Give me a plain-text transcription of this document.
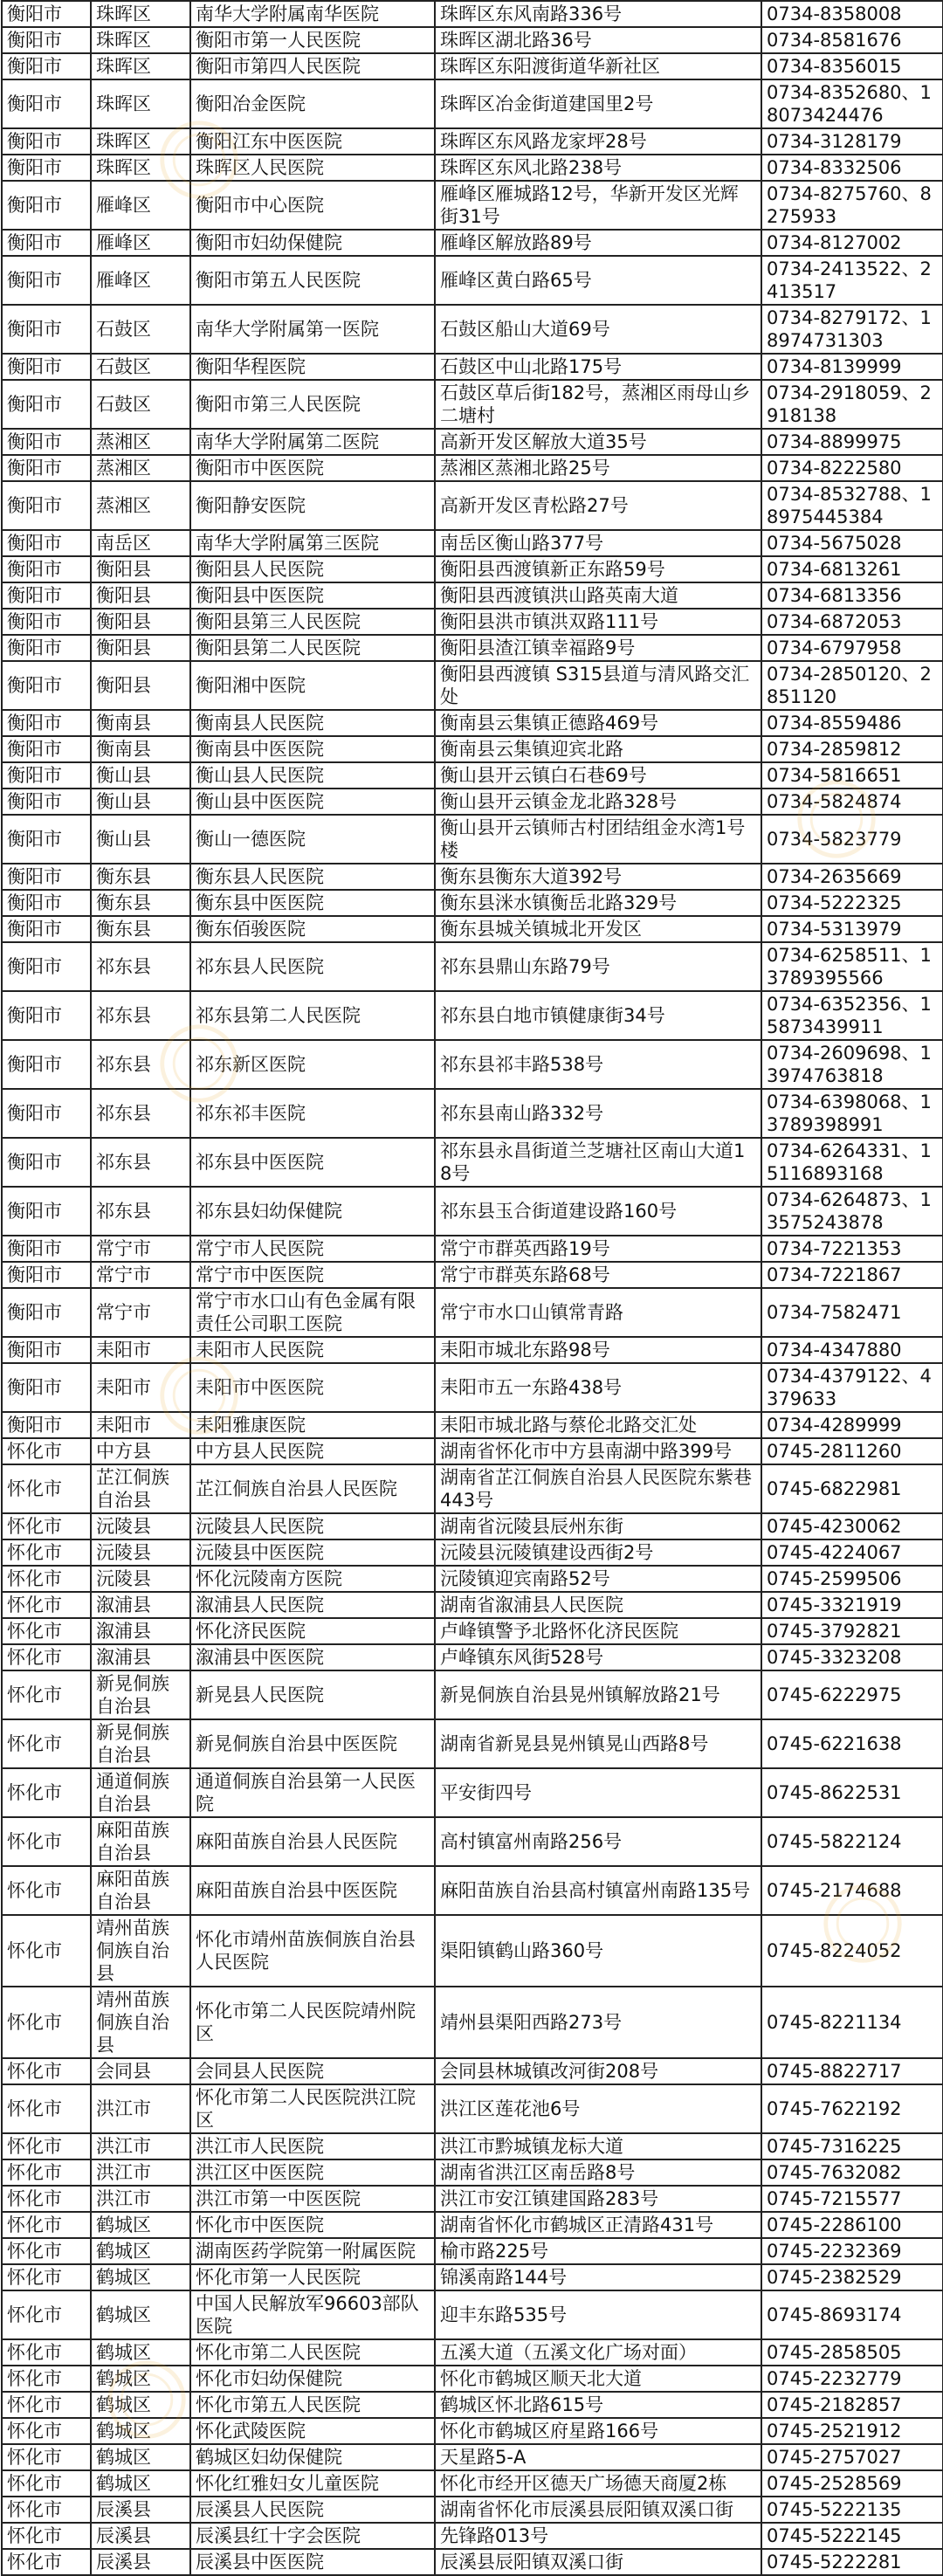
衡阳市	珠晖区	南华大学附属南华医院	珠晖区东风南路336号	0734-8358008
衡阳市	珠晖区	衡阳市第一人民医院	珠晖区湖北路36号	0734-8581676
衡阳市	珠晖区	衡阳市第四人民医院	珠晖区东阳渡街道华新社区	0734-8356015
衡阳市	珠晖区	衡阳冶金医院	珠晖区冶金街道建国里2号	0734-8352680、18073424476
衡阳市	珠晖区	衡阳江东中医医院	珠晖区东风路龙家坪28号	0734-3128179
衡阳市	珠晖区	珠晖区人民医院	珠晖区东风北路238号	0734-8332506
衡阳市	雁峰区	衡阳市中心医院	雁峰区雁城路12号，华新开发区光辉街31号	0734-8275760、8275933
衡阳市	雁峰区	衡阳市妇幼保健院	雁峰区解放路89号	0734-8127002
衡阳市	雁峰区	衡阳市第五人民医院	雁峰区黄白路65号	0734-2413522、2413517
衡阳市	石鼓区	南华大学附属第一医院	石鼓区船山大道69号	0734-8279172、18974731303
衡阳市	石鼓区	衡阳华程医院	石鼓区中山北路175号	0734-8139999
衡阳市	石鼓区	衡阳市第三人民医院	石鼓区草后街182号，蒸湘区雨母山乡二塘村	0734-2918059、2918138
衡阳市	蒸湘区	南华大学附属第二医院	高新开发区解放大道35号	0734-8899975
衡阳市	蒸湘区	衡阳市中医医院	蒸湘区蒸湘北路25号	0734-8222580
衡阳市	蒸湘区	衡阳静安医院	高新开发区青松路27号	0734-8532788、18975445384
衡阳市	南岳区	南华大学附属第三医院	南岳区衡山路377号	0734-5675028
衡阳市	衡阳县	衡阳县人民医院	衡阳县西渡镇新正东路59号	0734-6813261
衡阳市	衡阳县	衡阳县中医医院	衡阳县西渡镇洪山路英南大道	0734-6813356
衡阳市	衡阳县	衡阳县第三人民医院	衡阳县洪市镇洪双路111号	0734-6872053
衡阳市	衡阳县	衡阳县第二人民医院	衡阳县渣江镇幸福路9号	0734-6797958
衡阳市	衡阳县	衡阳湘中医院	衡阳县西渡镇 S315县道与清风路交汇处	0734-2850120、2851120
衡阳市	衡南县	衡南县人民医院	衡南县云集镇正德路469号	0734-8559486
衡阳市	衡南县	衡南县中医医院	衡南县云集镇迎宾北路	0734-2859812
衡阳市	衡山县	衡山县人民医院	衡山县开云镇白石巷69号	0734-5816651
衡阳市	衡山县	衡山县中医医院	衡山县开云镇金龙北路328号	0734-5824874
衡阳市	衡山县	衡山一德医院	衡山县开云镇师古村团结组金水湾1号楼	0734-5823779
衡阳市	衡东县	衡东县人民医院	衡东县衡东大道392号	0734-2635669
衡阳市	衡东县	衡东县中医医院	衡东县洣水镇衡岳北路329号	0734-5222325
衡阳市	衡东县	衡东佰骏医院	衡东县城关镇城北开发区	0734-5313979
衡阳市	祁东县	祁东县人民医院	祁东县鼎山东路79号	0734-6258511、13789395566
衡阳市	祁东县	祁东县第二人民医院	祁东县白地市镇健康街34号	0734-6352356、15873439911
衡阳市	祁东县	祁东新区医院	祁东县祁丰路538号	0734-2609698、13974763818
衡阳市	祁东县	祁东祁丰医院	祁东县南山路332号	0734-6398068、13789398991
衡阳市	祁东县	祁东县中医医院	祁东县永昌街道兰芝塘社区南山大道18号	0734-6264331、15116893168
衡阳市	祁东县	祁东县妇幼保健院	祁东县玉合街道建设路160号	0734-6264873、13575243878
衡阳市	常宁市	常宁市人民医院	常宁市群英西路19号	0734-7221353
衡阳市	常宁市	常宁市中医医院	常宁市群英东路68号	0734-7221867
衡阳市	常宁市	常宁市水口山有色金属有限责任公司职工医院	常宁市水口山镇常青路	0734-7582471
衡阳市	耒阳市	耒阳市人民医院	耒阳市城北东路98号	0734-4347880
衡阳市	耒阳市	耒阳市中医医院	耒阳市五一东路438号	0734-4379122、4379633
衡阳市	耒阳市	耒阳雅康医院	耒阳市城北路与蔡伦北路交汇处	0734-4289999
怀化市	中方县	中方县人民医院	湖南省怀化市中方县南湖中路399号	0745-2811260
怀化市	芷江侗族自治县	芷江侗族自治县人民医院	湖南省芷江侗族自治县人民医院东紫巷443号	0745-6822981
怀化市	沅陵县	沅陵县人民医院	湖南省沅陵县辰州东街	0745-4230062
怀化市	沅陵县	沅陵县中医医院	沅陵县沅陵镇建设西街2号	0745-4224067
怀化市	沅陵县	怀化沅陵南方医院	沅陵镇迎宾南路52号	0745-2599506
怀化市	溆浦县	溆浦县人民医院	湖南省溆浦县人民医院	0745-3321919
怀化市	溆浦县	怀化济民医院	卢峰镇警予北路怀化济民医院	0745-3792821
怀化市	溆浦县	溆浦县中医医院	卢峰镇东风街528号	0745-3323208
怀化市	新晃侗族自治县	新晃县人民医院	新晃侗族自治县晃州镇解放路21号	0745-6222975
怀化市	新晃侗族自治县	新晃侗族自治县中医医院	湖南省新晃县晃州镇晃山西路8号	0745-6221638
怀化市	通道侗族自治县	通道侗族自治县第一人民医院	平安街四号	0745-8622531
怀化市	麻阳苗族自治县	麻阳苗族自治县人民医院	高村镇富州南路256号	0745-5822124
怀化市	麻阳苗族自治县	麻阳苗族自治县中医医院	麻阳苗族自治县高村镇富州南路135号	0745-2174688
怀化市	靖州苗族侗族自治县	怀化市靖州苗族侗族自治县人民医院	渠阳镇鹤山路360号	0745-8224052
怀化市	靖州苗族侗族自治县	怀化市第二人民医院靖州院区	靖州县渠阳西路273号	0745-8221134
怀化市	会同县	会同县人民医院	会同县林城镇改河街208号	0745-8822717
怀化市	洪江市	怀化市第二人民医院洪江院区	洪江区莲花池6号	0745-7622192
怀化市	洪江市	洪江市人民医院	洪江市黔城镇龙标大道	0745-7316225
怀化市	洪江市	洪江区中医医院	湖南省洪江区南岳路8号	0745-7632082
怀化市	洪江市	洪江市第一中医医院	洪江市安江镇建国路283号	0745-7215577
怀化市	鹤城区	怀化市中医医院	湖南省怀化市鹤城区正清路431号	0745-2286100
怀化市	鹤城区	湖南医药学院第一附属医院	榆市路225号	0745-2232369
怀化市	鹤城区	怀化市第一人民医院	锦溪南路144号	0745-2382529
怀化市	鹤城区	中国人民解放军96603部队医院	迎丰东路535号	0745-8693174
怀化市	鹤城区	怀化市第二人民医院	五溪大道（五溪文化广场对面）	0745-2858505
怀化市	鹤城区	怀化市妇幼保健院	怀化市鹤城区顺天北大道	0745-2232779
怀化市	鹤城区	怀化市第五人民医院	鹤城区怀北路615号	0745-2182857
怀化市	鹤城区	怀化武陵医院	怀化市鹤城区府星路166号	0745-2521912
怀化市	鹤城区	鹤城区妇幼保健院	天星路5-A	0745-2757027
怀化市	鹤城区	怀化红雅妇女儿童医院	怀化市经开区德天广场德天商厦2栋	0745-2528569
怀化市	辰溪县	辰溪县人民医院	湖南省怀化市辰溪县辰阳镇双溪口街	0745-5222135
怀化市	辰溪县	辰溪县红十字会医院	先锋路013号	0745-5222145
怀化市	辰溪县	辰溪县中医医院	辰溪县辰阳镇双溪口街	0745-5222281
